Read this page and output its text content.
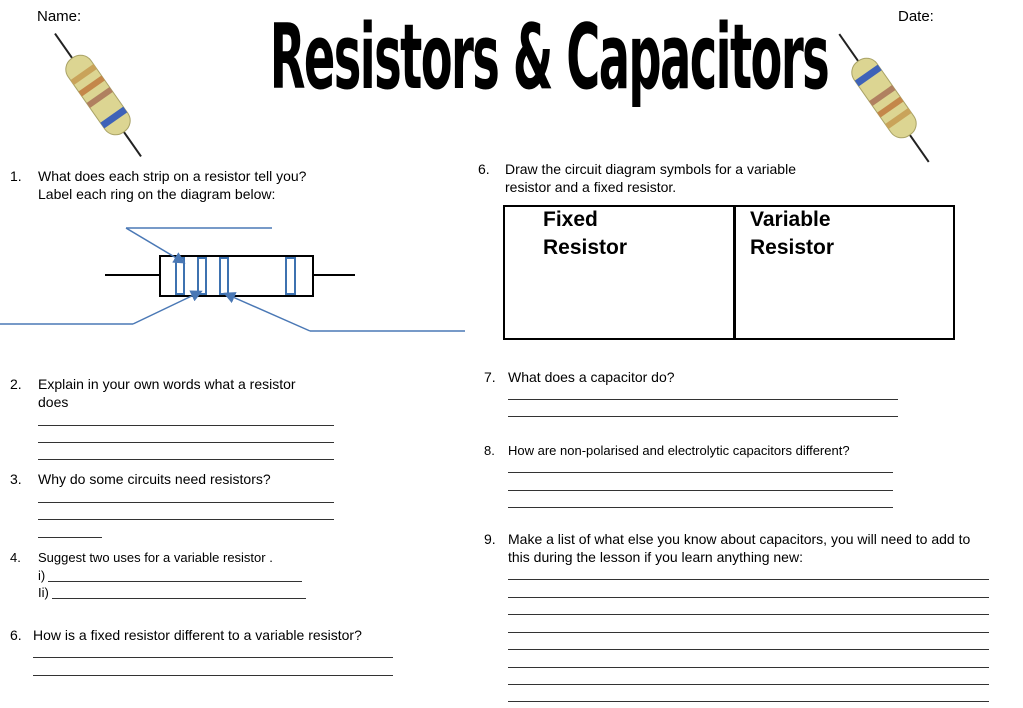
Name:	Date:
Resistors & Capacitors
1. What does each strip on a resistor tell you?
Label each ring on the diagram below:
2. Explain in your own words what a resistor
does
3. Why do some circuits need resistors?
4. Suggest two uses for a variable resistor .
i)
Ii)
6. How is a fixed resistor different to a variable resistor?
6. Draw the circuit diagram symbols for a variable
resistor and a fixed resistor.
Fixed
Resistor
Variable
Resistor
7. What does a capacitor do?
8. How are non-polarised and electrolytic capacitors different?
9. Make a list of what else you know about capacitors, you will need to add to
this during the lesson if you learn anything new:
